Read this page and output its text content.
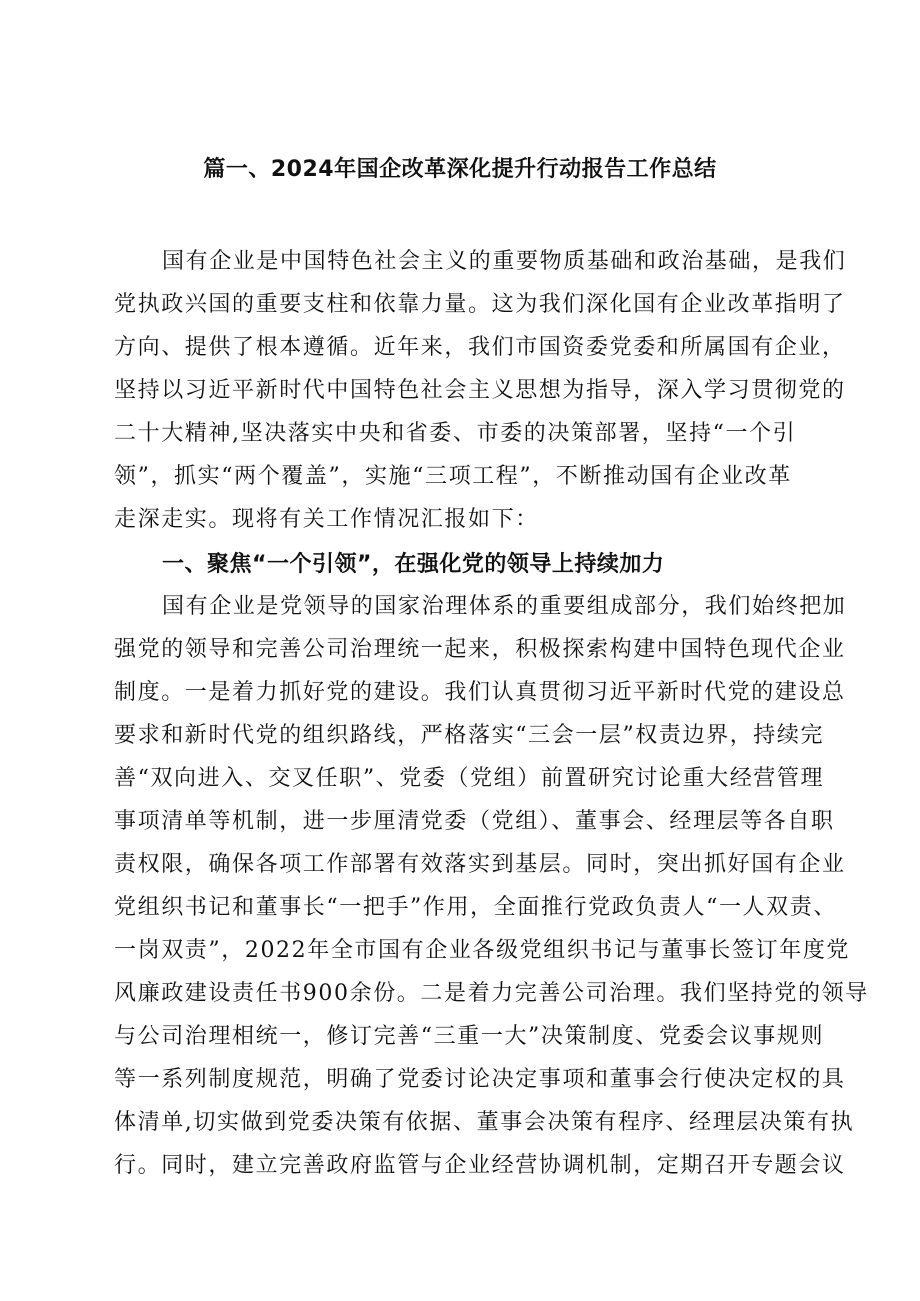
篇一、2024年国企改革深化提升行动报告工作总结
国有企业是中国特色社会主义的重要物质基础和政治基础，是我们
党执政兴国的重要支柱和依靠力量。这为我们深化国有企业改革指明了
方向、提供了根本遵循。近年来，我们市国资委党委和所属国有企业，
坚持以习近平新时代中国特色社会主义思想为指导，深入学习贯彻党的
二十大精神,坚决落实中央和省委、市委的决策部署，坚持“一个引
领”，抓实“两个覆盖”，实施“三项工程”，不断推动国有企业改革
走深走实。现将有关工作情况汇报如下：
一、聚焦“一个引领”，在强化党的领导上持续加力
国有企业是党领导的国家治理体系的重要组成部分，我们始终把加
强党的领导和完善公司治理统一起来，积极探索构建中国特色现代企业
制度。一是着力抓好党的建设。我们认真贯彻习近平新时代党的建设总
要求和新时代党的组织路线，严格落实“三会一层”权责边界，持续完
善“双向进入、交叉任职”、党委（党组）前置研究讨论重大经营管理
事项清单等机制，进一步厘清党委（党组）、董事会、经理层等各自职
责权限，确保各项工作部署有效落实到基层。同时，突出抓好国有企业
党组织书记和董事长“一把手”作用，全面推行党政负责人“一人双责、
一岗双责”，2022年全市国有企业各级党组织书记与董事长签订年度党
风廉政建设责任书900余份。二是着力完善公司治理。我们坚持党的领导
与公司治理相统一，修订完善“三重一大”决策制度、党委会议事规则
等一系列制度规范，明确了党委讨论决定事项和董事会行使决定权的具
体清单,切实做到党委决策有依据、董事会决策有程序、经理层决策有执
行。同时，建立完善政府监管与企业经营协调机制，定期召开专题会议
